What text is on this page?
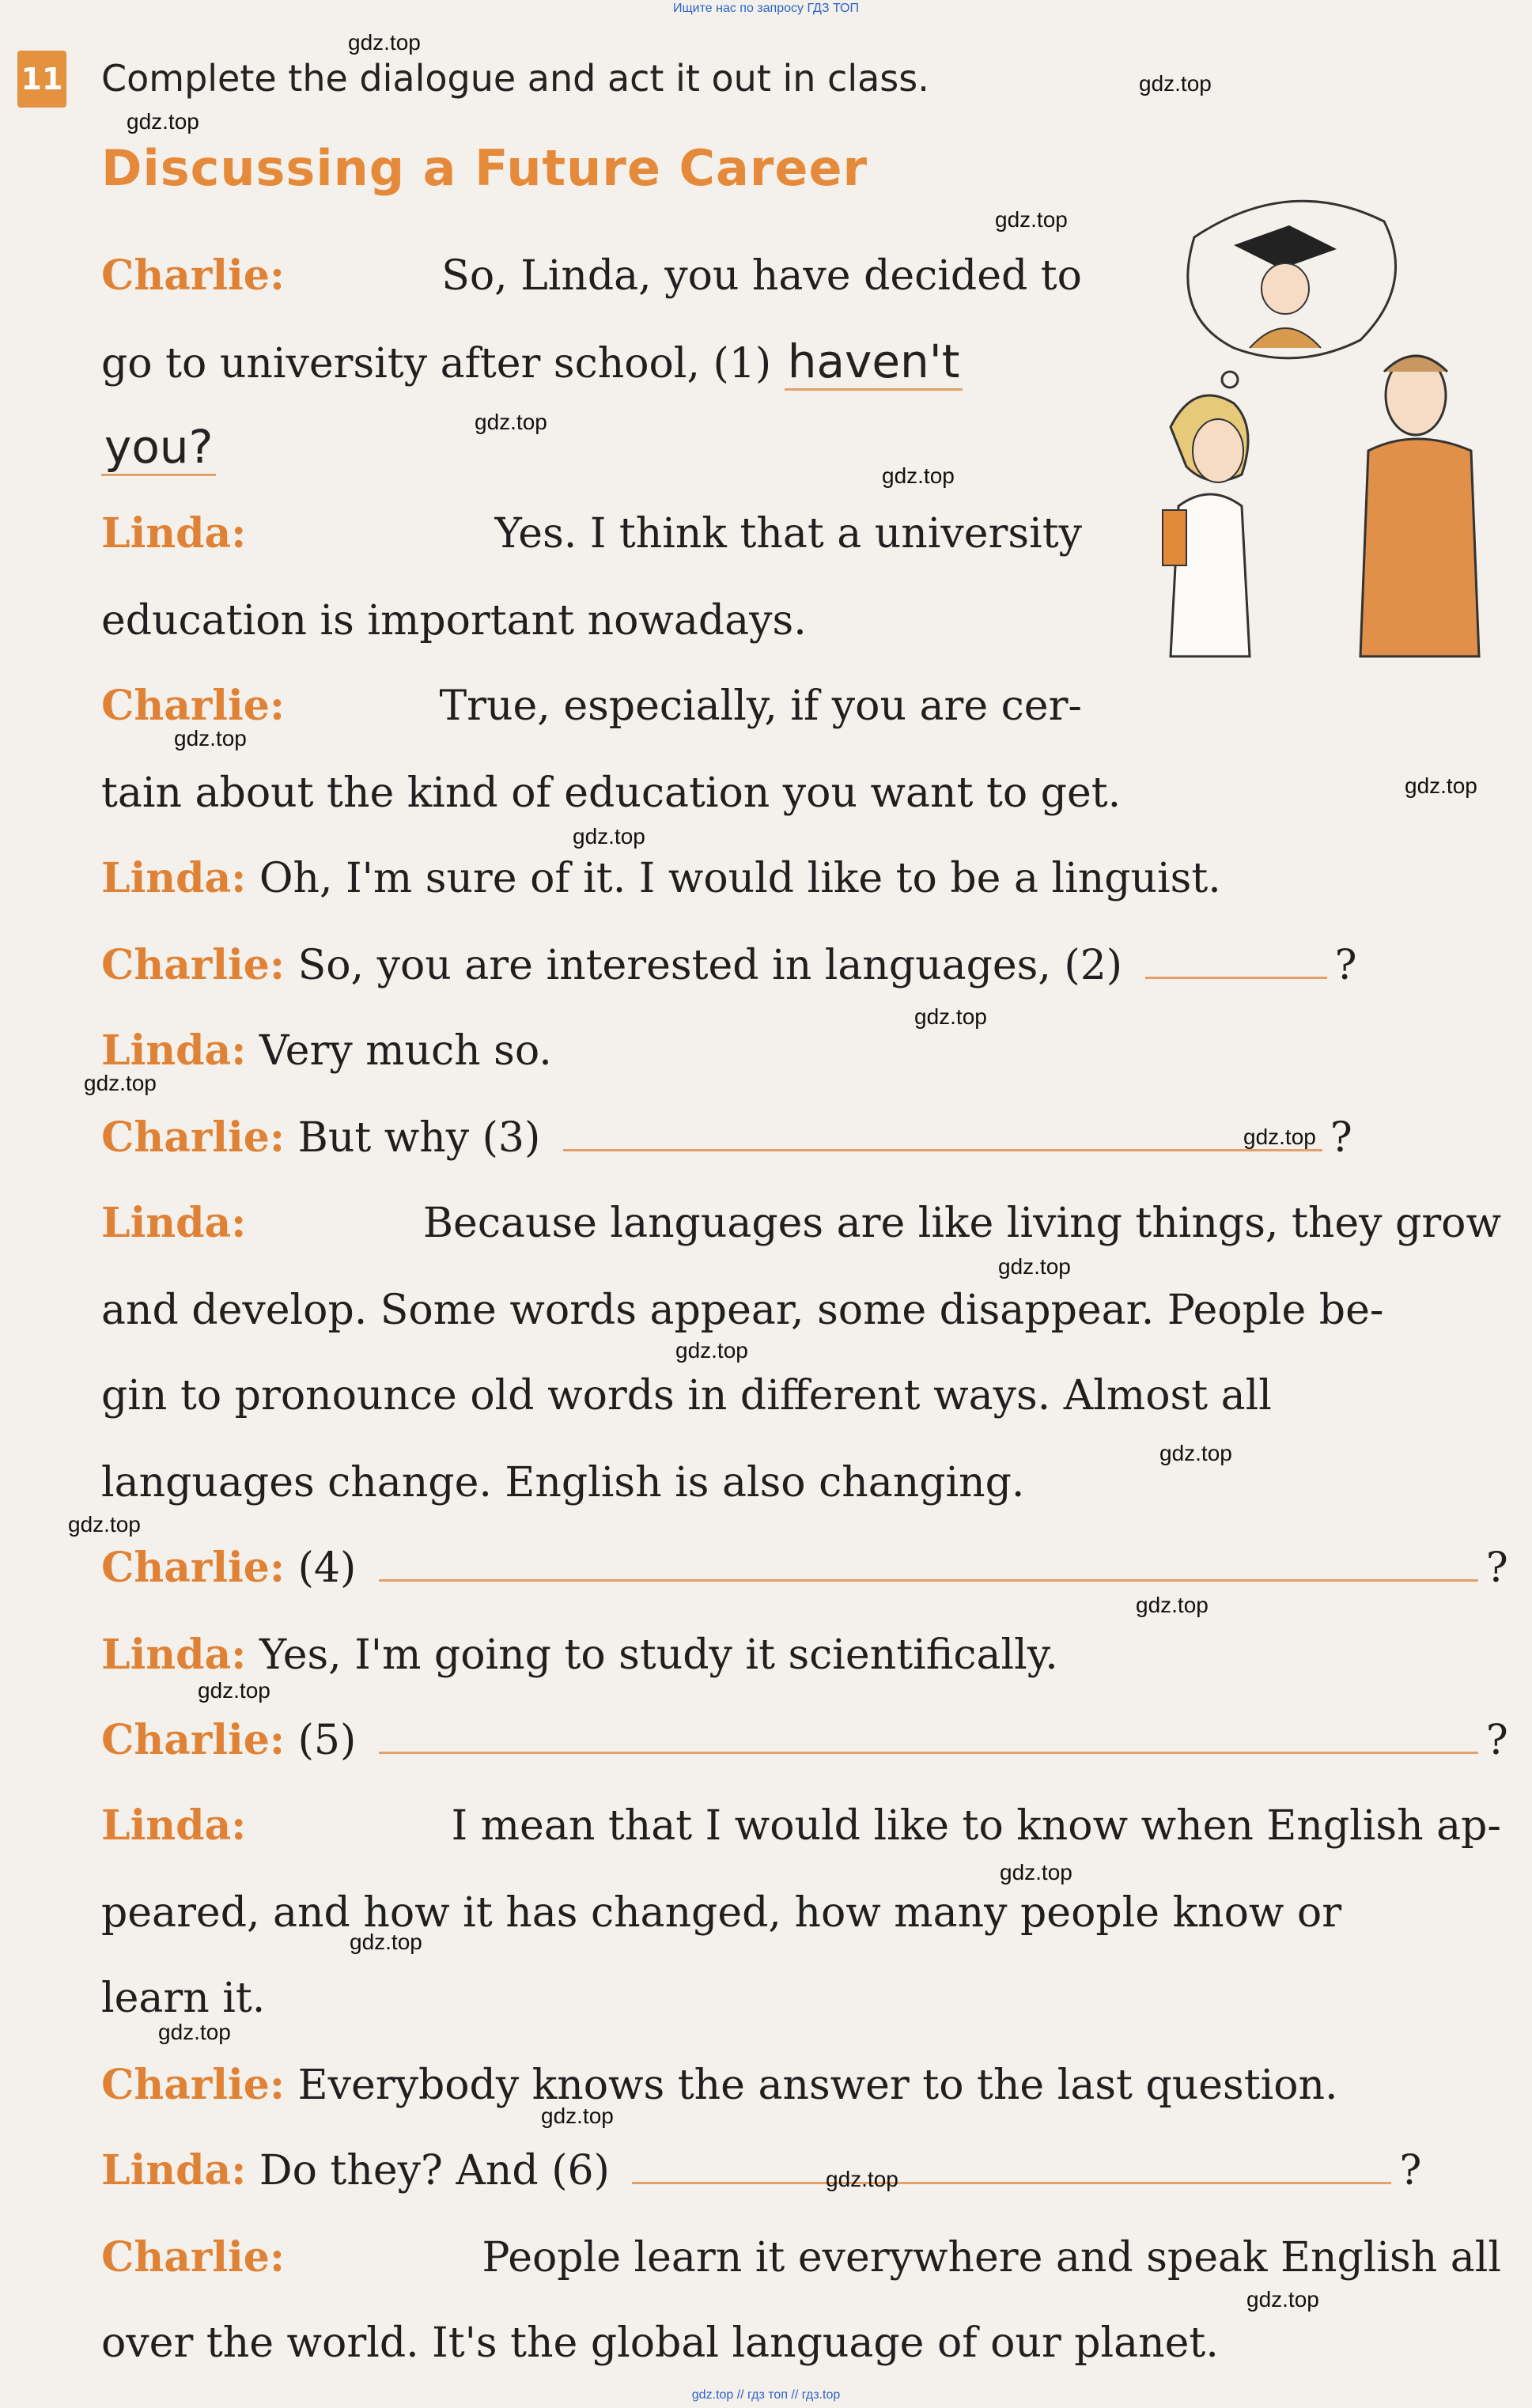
Ищите нас по запросу ГДЗ ТОП
11 Complete the dialogue and act it out in class.
Discussing a Future Career
Charlie:	So, Linda, you have decided to
go to university after school, (1) haven't
you?
Linda:	Yes. I think that a university
education is important nowadays.
Charlie:	True, especially, if you are cer-
tain about the kind of education you want to get.
Linda: Oh, I'm sure of it. I would like to be a linguist.
Charlie: So, you are interested in languages, (2)	?
Linda: Very much so.
Charlie: But why (3)	?
Linda:	Because languages are like living things, they grow
and develop. Some words appear, some disappear. People be-
gin to pronounce old words in different ways. Almost all
languages change. English is also changing.
Charlie: (4)	?
Linda: Yes, I'm going to study it scientifically.
Charlie: (5)	?
Linda:	I mean that I would like to know when English ap-
peared, and how it has changed, how many people know or
learn it.
Charlie: Everybody knows the answer to the last question.
Linda: Do they? And (6)	?
Charlie:	People learn it everywhere and speak English all
over the world. It's the global language of our planet.
gdz.top
gdz.top
gdz.top
gdz.top
gdz.top
gdz.top
gdz.top
gdz.top
gdz.top
gdz.top
gdz.top
gdz.top
gdz.top
gdz.top
gdz.top
gdz.top
gdz.top
gdz.top
gdz.top
gdz.top
gdz.top
gdz.top
gdz.top
gdz.top
gdz.top // гдз топ // гдз.top
